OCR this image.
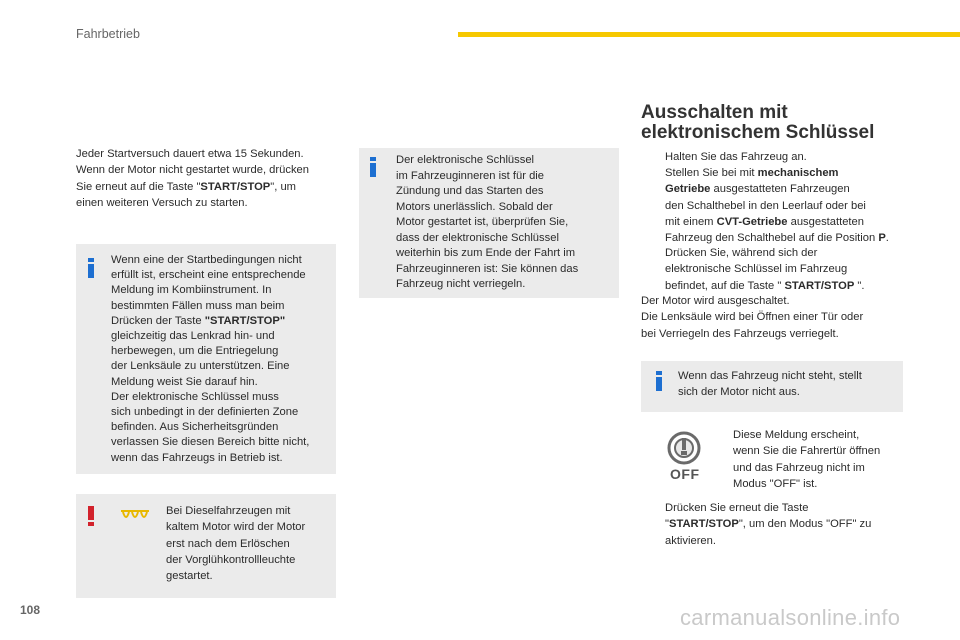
Fahrbetrieb
Jeder Startversuch dauert etwa 15 Sekunden.
Wenn der Motor nicht gestartet wurde, drücken
Sie erneut auf die Taste "START/STOP", um
einen weiteren Versuch zu starten.
Wenn eine der Startbedingungen nicht
erfüllt ist, erscheint eine entsprechende
Meldung im Kombiinstrument. In
bestimmten Fällen muss man beim
Drücken der Taste "START/STOP"
gleichzeitig das Lenkrad hin- und
herbewegen, um die Entriegelung
der Lenksäule zu unterstützen. Eine
Meldung weist Sie darauf hin.
Der elektronische Schlüssel muss
sich unbedingt in der definierten Zone
befinden. Aus Sicherheitsgründen
verlassen Sie diesen Bereich bitte nicht,
wenn das Fahrzeugs in Betrieb ist.
Bei Dieselfahrzeugen mit
kaltem Motor wird der Motor
erst nach dem Erlöschen
der Vorglühkontrollleuchte
gestartet.
Der elektronische Schlüssel
im Fahrzeuginneren ist für die
Zündung und das Starten des
Motors unerlässlich. Sobald der
Motor gestartet ist, überprüfen Sie,
dass der elektronische Schlüssel
weiterhin bis zum Ende der Fahrt im
Fahrzeuginneren ist: Sie können das
Fahrzeug nicht verriegeln.
Ausschalten mit
elektronischem Schlüssel
Halten Sie das Fahrzeug an.
Stellen Sie bei mit mechanischem
Getriebe ausgestatteten Fahrzeugen
den Schalthebel in den Leerlauf oder bei
mit einem CVT-Getriebe ausgestatteten
Fahrzeug den Schalthebel auf die Position P.
Drücken Sie, während sich der
elektronische Schlüssel im Fahrzeug
befindet, auf die Taste " START/STOP ".
Der Motor wird ausgeschaltet.
Die Lenksäule wird bei Öffnen einer Tür oder
bei Verriegeln des Fahrzeugs verriegelt.
Wenn das Fahrzeug nicht steht, stellt
sich der Motor nicht aus.
OFF
Diese Meldung erscheint,
wenn Sie die Fahrertür öffnen
und das Fahrzeug nicht im
Modus "OFF" ist.
Drücken Sie erneut die Taste
"START/STOP", um den Modus "OFF" zu
aktivieren.
108	carmanualsonline.info
